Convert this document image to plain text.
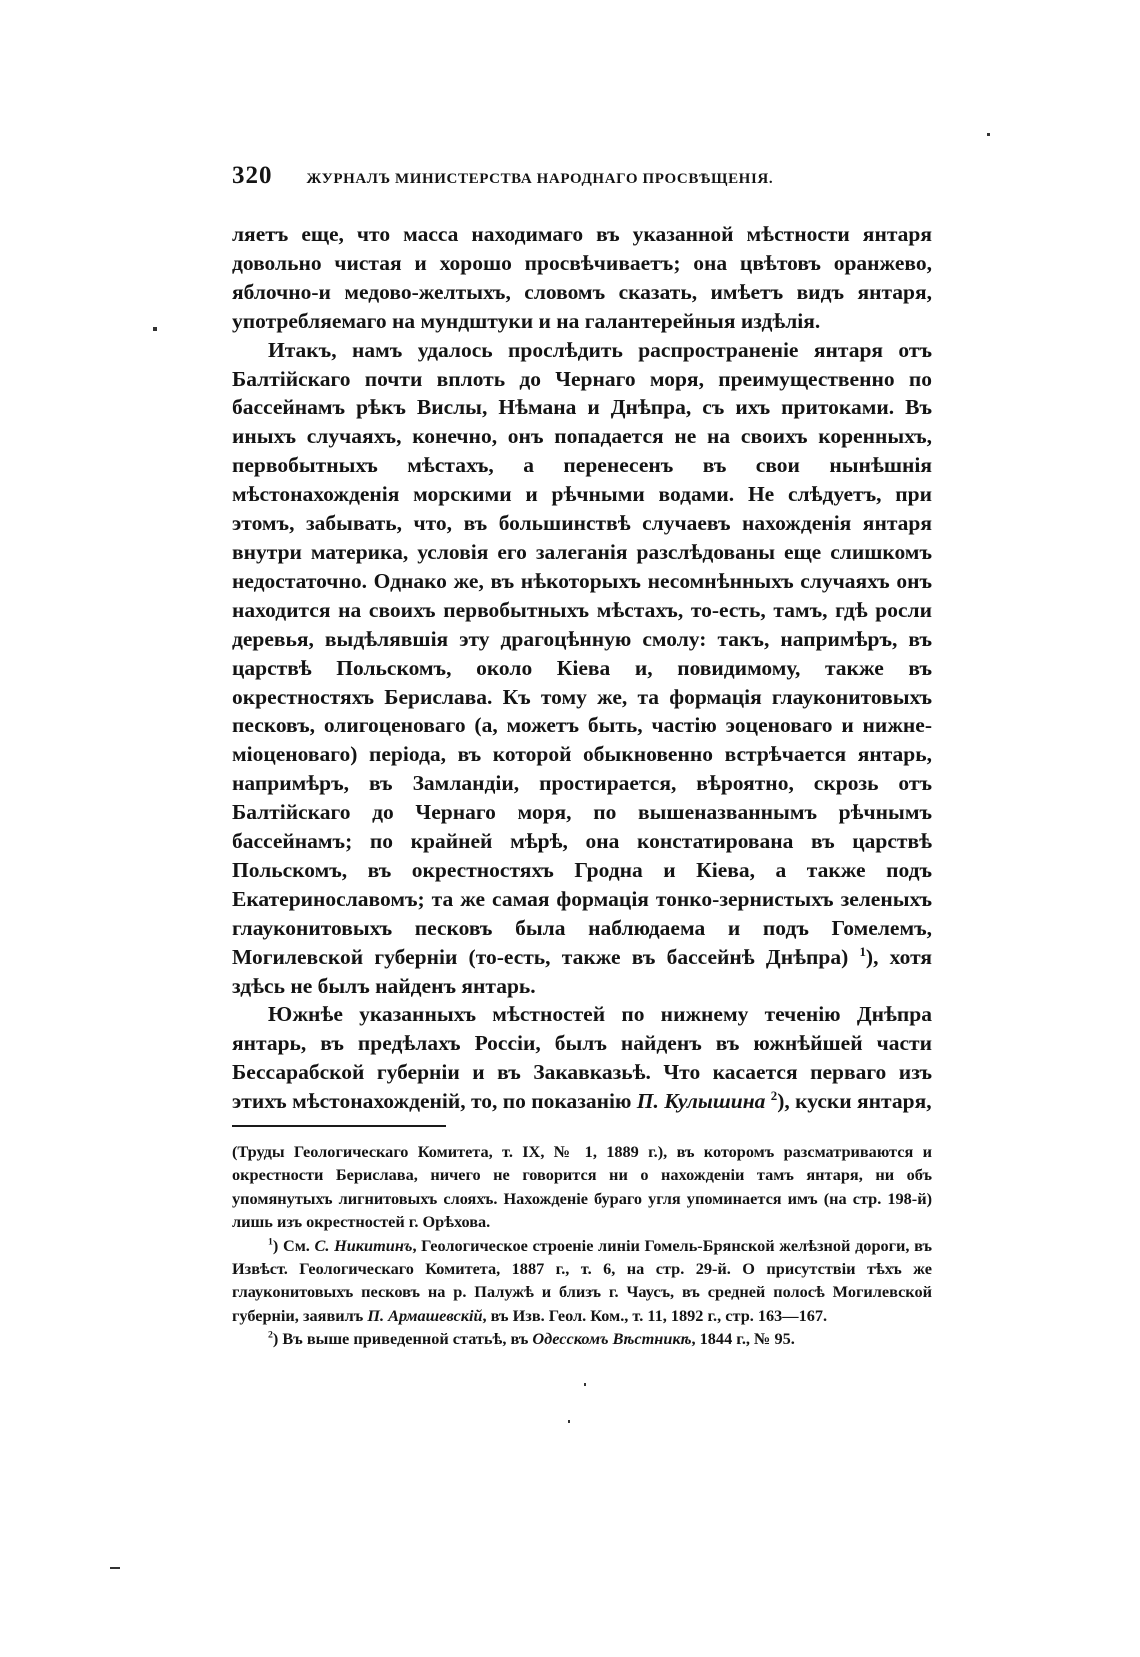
320 ЖУРНАЛЪ МИНИСТЕРСТВА НАРОДНАГО ПРОСВѢЩЕНІЯ.

ляетъ еще, что масса находимаго въ указанной мѣстности янтаря довольно чистая и хорошо просвѣчиваетъ; она цвѣтовъ оранжево, яблочно-и медово-желтыхъ, словомъ сказать, имѣетъ видъ янтаря, употребляемаго на мундштуки и на галантерейныя издѣлія.

Итакъ, намъ удалось прослѣдить распространеніе янтаря отъ Балтійскаго почти вплоть до Чернаго моря, преимущественно по бассейнамъ рѣкъ Вислы, Нѣмана и Днѣпра, съ ихъ притоками. Въ иныхъ случаяхъ, конечно, онъ попадается не на своихъ коренныхъ, первобытныхъ мѣстахъ, а перенесенъ въ свои нынѣшнія мѣстонахожденія морскими и рѣчными водами. Не слѣдуетъ, при этомъ, забывать, что, въ большинствѣ случаевъ нахожденія янтаря внутри материка, условія его залеганія разслѣдованы еще слишкомъ недостаточно. Однако же, въ нѣкоторыхъ несомнѣнныхъ случаяхъ онъ находится на своихъ первобытныхъ мѣстахъ, то-есть, тамъ, гдѣ росли деревья, выдѣлявшія эту драгоцѣнную смолу: такъ, напримѣръ, въ царствѣ Польскомъ, около Кіева и, повидимому, также въ окрестностяхъ Берислава. Къ тому же, та формація глауконитовыхъ песковъ, олигоценоваго (а, можетъ быть, частію эоценоваго и нижне-міоценоваго) періода, въ которой обыкновенно встрѣчается янтарь, напримѣръ, въ Замландіи, простирается, вѣроятно, скрозь отъ Балтійскаго до Чернаго моря, по вышеназваннымъ рѣчнымъ бассейнамъ; по крайней мѣрѣ, она констатирована въ царствѣ Польскомъ, въ окрестностяхъ Гродна и Кіева, а также подъ Екатеринославомъ; та же самая формація тонко-зернистыхъ зеленыхъ глауконитовыхъ песковъ была наблюдаема и подъ Гомелемъ, Могилевской губерніи (то-есть, также въ бассейнѣ Днѣпра) $^1$), хотя здѣсь не былъ найденъ янтарь.

Южнѣе указанныхъ мѣстностей по нижнему теченію Днѣпра янтарь, въ предѣлахъ Россіи, былъ найденъ въ южнѣйшей части Бессарабской губерніи и въ Закавказьѣ. Что касается перваго изъ этихъ мѣстонахожденій, то, по показанію П. Кулышина $^2$), куски янтаря,

(Труды Геологическаго Комитета, т. IX, № 1, 1889 г.), въ которомъ разсматриваются и окрестности Берислава, ничего не говорится ни о нахожденіи тамъ янтаря, ни объ упомянутыхъ лигнитовыхъ слояхъ. Нахожденіе бураго угля упоминается имъ (на стр. 198-й) лишь изъ окрестностей г. Орѣхова.

$^1$) См. С. Никитинъ, Геологическое строеніе линіи Гомель-Брянской желѣзной дороги, въ Извѣст. Геологическаго Комитета, 1887 г., т. 6, на стр. 29-й. О присутствіи тѣхъ же глауконитовыхъ песковъ на р. Палужѣ и близъ г. Чаусъ, въ средней полосѣ Могилевской губерніи, заявилъ П. Армашевскій, въ Изв. Геол. Ком., т. 11, 1892 г., стр. 163—167.

$^2$) Въ выше приведенной статьѣ, въ Одесскомъ Вѣстникѣ, 1844 г., № 95.
